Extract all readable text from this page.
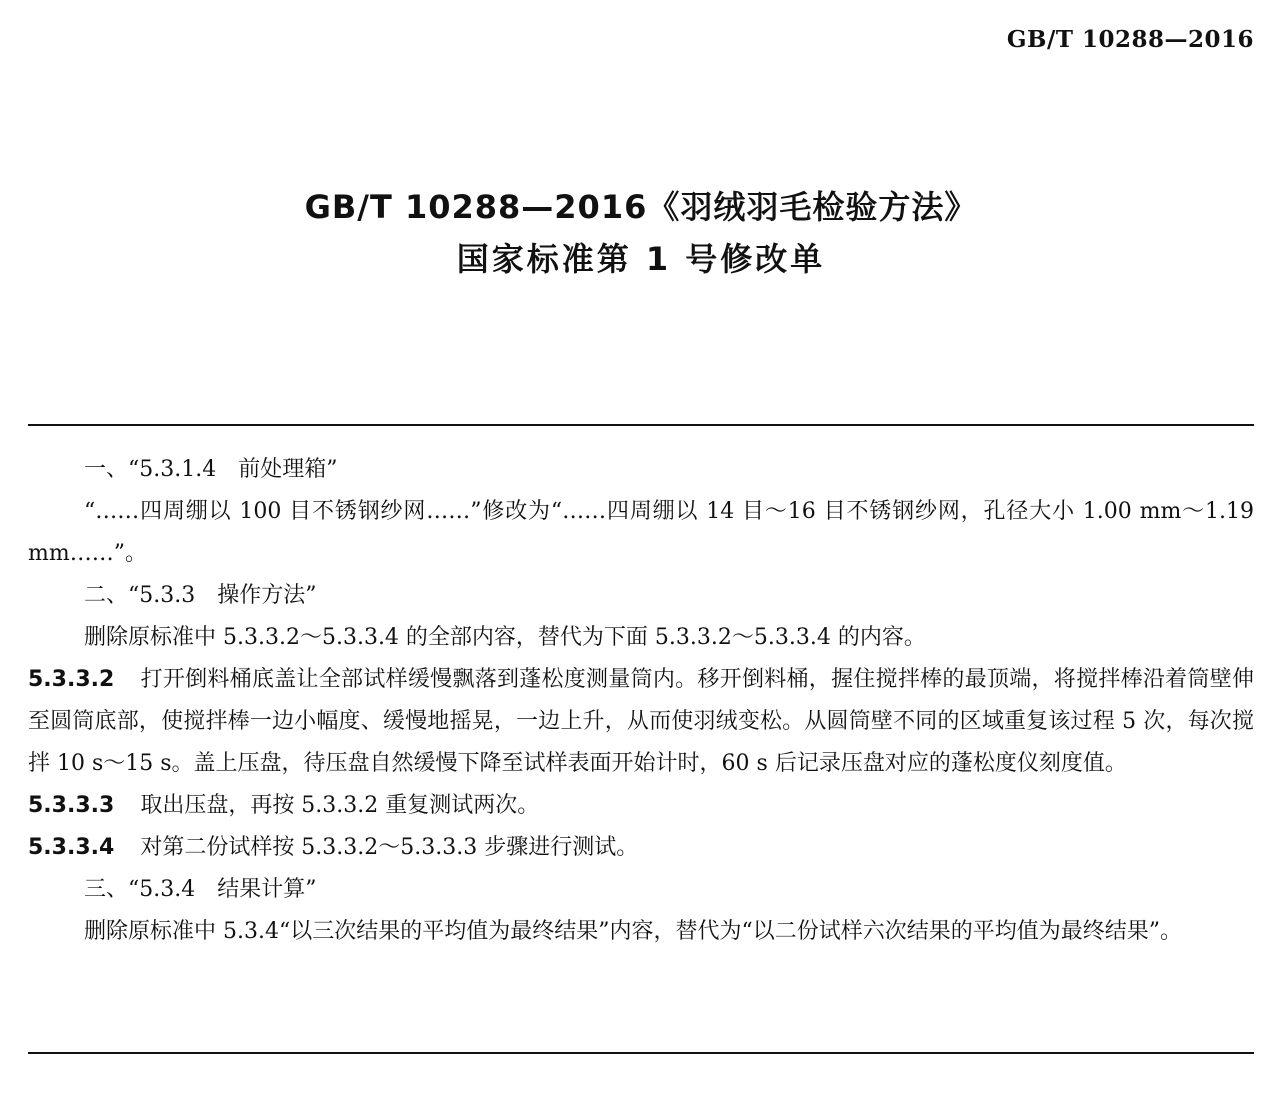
GB/T 10288—2016
GB/T 10288—2016《羽绒羽毛检验方法》
国家标准第 1 号修改单

一、“5.3.1.4　前处理箱”

“……四周绷以 100 目不锈钢纱网……”修改为“……四周绷以 14 目～16 目不锈钢纱网，孔径大小 1.00 mm～1.19 mm……”。

二、“5.3.3　操作方法”

删除原标准中 5.3.3.2～5.3.3.4 的全部内容，替代为下面 5.3.3.2～5.3.3.4 的内容。

5.3.3.2 打开倒料桶底盖让全部试样缓慢飘落到蓬松度测量筒内。移开倒料桶，握住搅拌棒的最顶端，将搅拌棒沿着筒壁伸至圆筒底部，使搅拌棒一边小幅度、缓慢地摇晃，一边上升，从而使羽绒变松。从圆筒壁不同的区域重复该过程 5 次，每次搅拌 10 s～15 s。盖上压盘，待压盘自然缓慢下降至试样表面开始计时，60 s 后记录压盘对应的蓬松度仪刻度值。

5.3.3.3 取出压盘，再按 5.3.3.2 重复测试两次。

5.3.3.4 对第二份试样按 5.3.3.2～5.3.3.3 步骤进行测试。

三、“5.3.4　结果计算”

删除原标准中 5.3.4“以三次结果的平均值为最终结果”内容，替代为“以二份试样六次结果的平均值为最终结果”。
